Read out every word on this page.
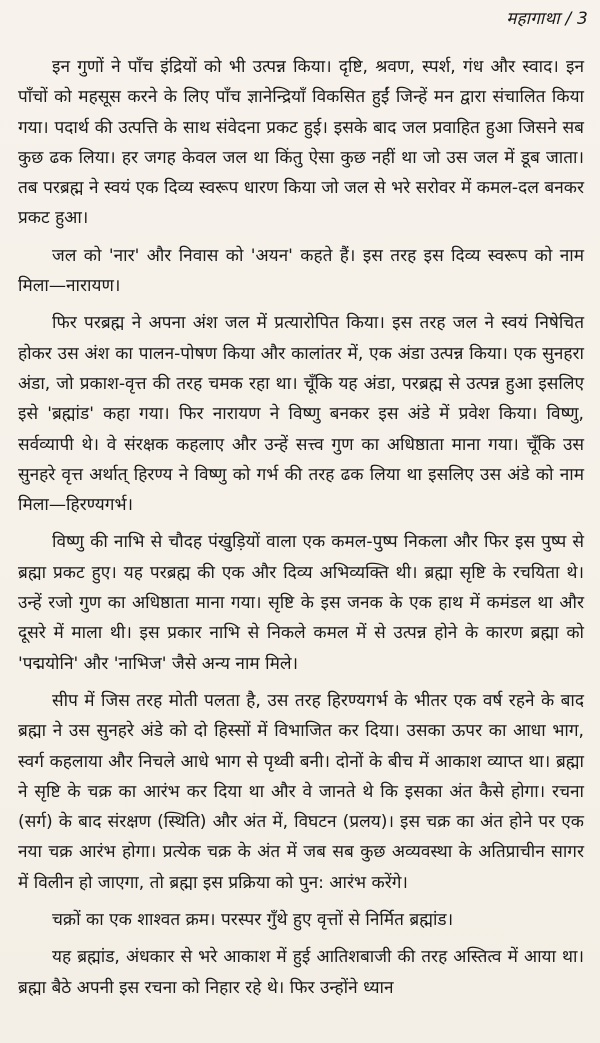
महागाथा / 3

इन गुणों ने पाँच इंद्रियों को भी उत्पन्न किया। दृष्टि, श्रवण, स्पर्श, गंध और स्वाद। इन पाँचों को महसूस करने के लिए पाँच ज्ञानेन्द्रियाँ विकसित हुईं जिन्हें मन द्वारा संचालित किया गया। पदार्थ की उत्पत्ति के साथ संवेदना प्रकट हुई। इसके बाद जल प्रवाहित हुआ जिसने सब कुछ ढक लिया। हर जगह केवल जल था किंतु ऐसा कुछ नहीं था जो उस जल में डूब जाता। तब परब्रह्म ने स्वयं एक दिव्य स्वरूप धारण किया जो जल से भरे सरोवर में कमल-दल बनकर प्रकट हुआ।

जल को 'नार' और निवास को 'अयन' कहते हैं। इस तरह इस दिव्य स्वरूप को नाम मिला—नारायण।

फिर परब्रह्म ने अपना अंश जल में प्रत्यारोपित किया। इस तरह जल ने स्वयं निषेचित होकर उस अंश का पालन-पोषण किया और कालांतर में, एक अंडा उत्पन्न किया। एक सुनहरा अंडा, जो प्रकाश-वृत्त की तरह चमक रहा था। चूँकि यह अंडा, परब्रह्म से उत्पन्न हुआ इसलिए इसे 'ब्रह्मांड' कहा गया। फिर नारायण ने विष्णु बनकर इस अंडे में प्रवेश किया। विष्णु, सर्वव्यापी थे। वे संरक्षक कहलाए और उन्हें सत्त्व गुण का अधिष्ठाता माना गया। चूँकि उस सुनहरे वृत्त अर्थात् हिरण्य ने विष्णु को गर्भ की तरह ढक लिया था इसलिए उस अंडे को नाम मिला—हिरण्यगर्भ।

विष्णु की नाभि से चौदह पंखुड़ियों वाला एक कमल-पुष्प निकला और फिर इस पुष्प से ब्रह्मा प्रकट हुए। यह परब्रह्म की एक और दिव्य अभिव्यक्ति थी। ब्रह्मा सृष्टि के रचयिता थे। उन्हें रजो गुण का अधिष्ठाता माना गया। सृष्टि के इस जनक के एक हाथ में कमंडल था और दूसरे में माला थी। इस प्रकार नाभि से निकले कमल में से उत्पन्न होने के कारण ब्रह्मा को 'पद्मयोनि' और 'नाभिज' जैसे अन्य नाम मिले।

सीप में जिस तरह मोती पलता है, उस तरह हिरण्यगर्भ के भीतर एक वर्ष रहने के बाद ब्रह्मा ने उस सुनहरे अंडे को दो हिस्सों में विभाजित कर दिया। उसका ऊपर का आधा भाग, स्वर्ग कहलाया और निचले आधे भाग से पृथ्वी बनी। दोनों के बीच में आकाश व्याप्त था। ब्रह्मा ने सृष्टि के चक्र का आरंभ कर दिया था और वे जानते थे कि इसका अंत कैसे होगा। रचना (सर्ग) के बाद संरक्षण (स्थिति) और अंत में, विघटन (प्रलय)। इस चक्र का अंत होने पर एक नया चक्र आरंभ होगा। प्रत्येक चक्र के अंत में जब सब कुछ अव्यवस्था के अतिप्राचीन सागर में विलीन हो जाएगा, तो ब्रह्मा इस प्रक्रिया को पुन: आरंभ करेंगे।

चक्रों का एक शाश्वत क्रम। परस्पर गुँथे हुए वृत्तों से निर्मित ब्रह्मांड।

यह ब्रह्मांड, अंधकार से भरे आकाश में हुई आतिशबाजी की तरह अस्तित्व में आया था। ब्रह्मा बैठे अपनी इस रचना को निहार रहे थे। फिर उन्होंने ध्यान
